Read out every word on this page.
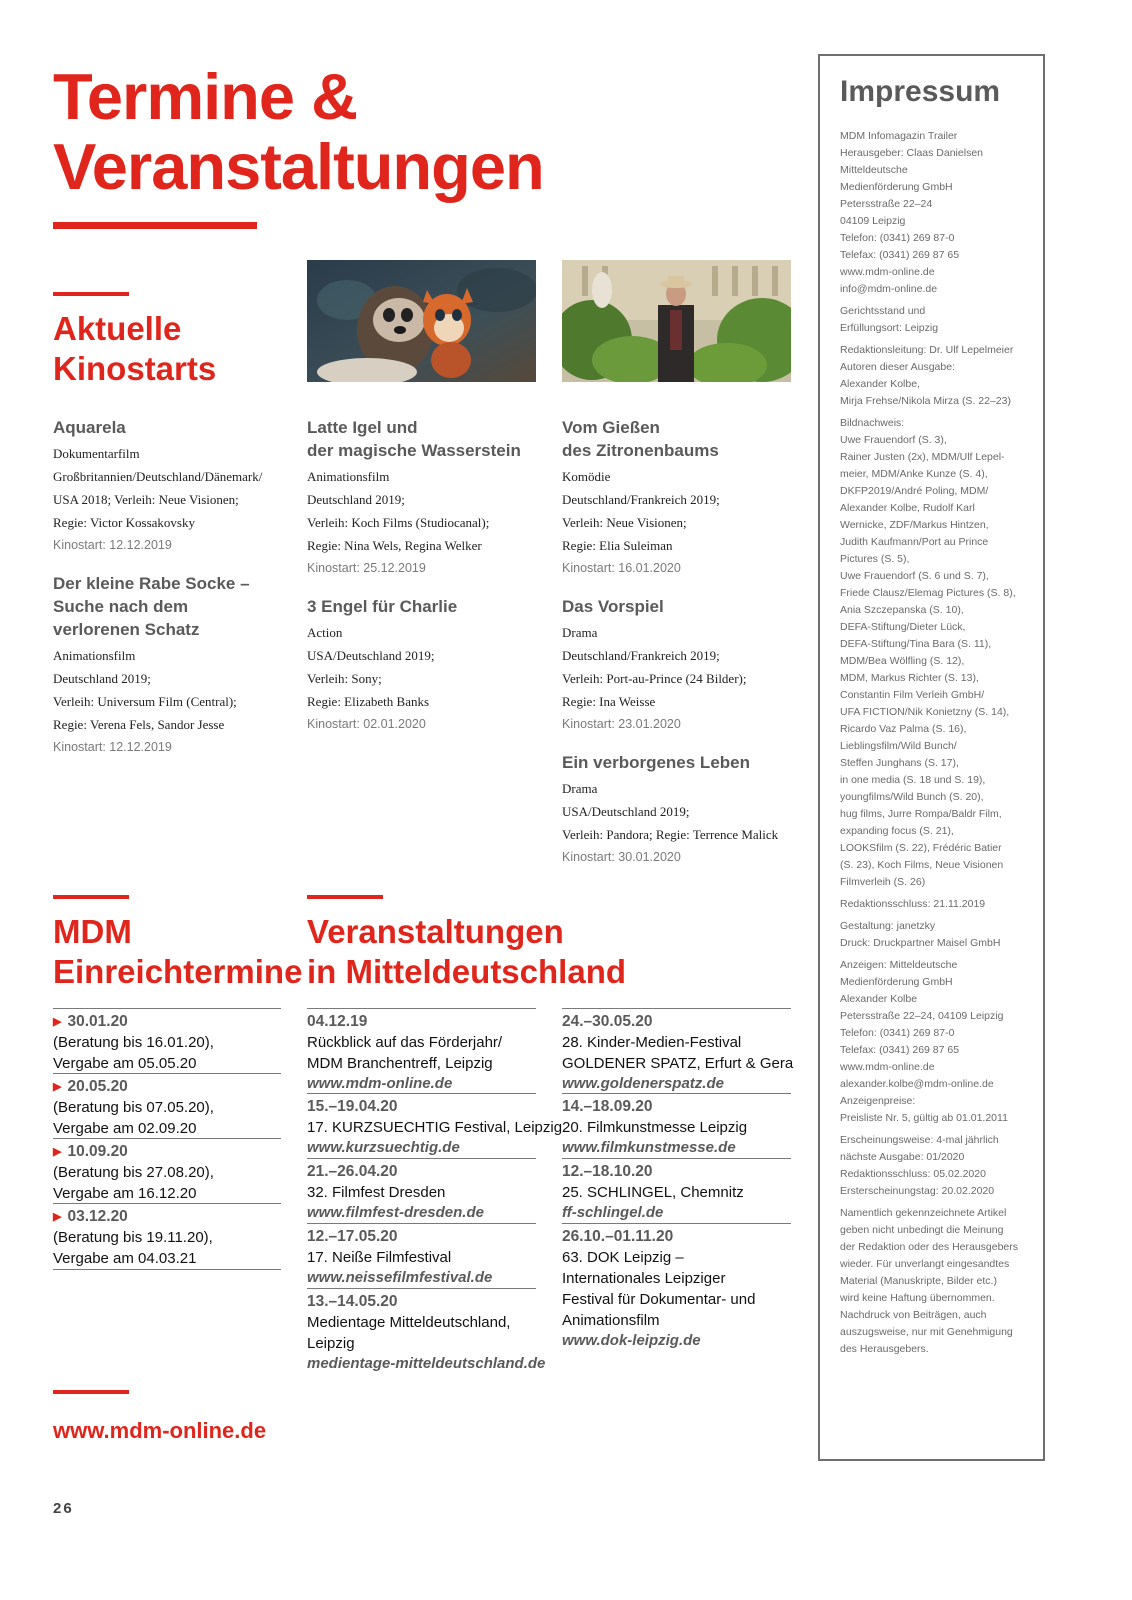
Termine &
Veranstaltungen
Aktuelle
Kinostarts
Aquarela
Dokumentarfilm
Großbritannien/Deutschland/Dänemark/
USA 2018; Verleih: Neue Visionen;
Regie: Victor Kossakovsky
Kinostart: 12.12.2019
Der kleine Rabe Socke –
Suche nach dem
verlorenen Schatz
Animationsfilm
Deutschland 2019;
Verleih: Universum Film (Central);
Regie: Verena Fels, Sandor Jesse
Kinostart: 12.12.2019
Latte Igel und
der magische Wasserstein
Animationsfilm
Deutschland 2019;
Verleih: Koch Films (Studiocanal);
Regie: Nina Wels, Regina Welker
Kinostart: 25.12.2019
3 Engel für Charlie
Action
USA/Deutschland 2019;
Verleih: Sony;
Regie: Elizabeth Banks
Kinostart: 02.01.2020
Vom Gießen
des Zitronenbaums
Komödie
Deutschland/Frankreich 2019;
Verleih: Neue Visionen;
Regie: Elia Suleiman
Kinostart: 16.01.2020
Das Vorspiel
Drama
Deutschland/Frankreich 2019;
Verleih: Port-au-Prince (24 Bilder);
Regie: Ina Weisse
Kinostart: 23.01.2020
Ein verborgenes Leben
Drama
USA/Deutschland 2019;
Verleih: Pandora; Regie: Terrence Malick
Kinostart: 30.01.2020
MDM
Einreichtermine
▶ 30.01.20
(Beratung bis 16.01.20),
Vergabe am 05.05.20
▶ 20.05.20
(Beratung bis 07.05.20),
Vergabe am 02.09.20
▶ 10.09.20
(Beratung bis 27.08.20),
Vergabe am 16.12.20
▶ 03.12.20
(Beratung bis 19.11.20),
Vergabe am 04.03.21
Veranstaltungen
in Mitteldeutschland
04.12.19
Rückblick auf das Förderjahr/
MDM Branchentreff, Leipzig
www.mdm-online.de
15.–19.04.20
17. KURZSUECHTIG Festival, Leipzig
www.kurzsuechtig.de
21.–26.04.20
32. Filmfest Dresden
www.filmfest-dresden.de
12.–17.05.20
17. Neiße Filmfestival
www.neissefilmfestival.de
13.–14.05.20
Medientage Mitteldeutschland,
Leipzig
medientage-mitteldeutschland.de
24.–30.05.20
28. Kinder-Medien-Festival
GOLDENER SPATZ, Erfurt & Gera
www.goldenerspatz.de
14.–18.09.20
20. Filmkunstmesse Leipzig
www.filmkunstmesse.de
12.–18.10.20
25. SCHLINGEL, Chemnitz
ff-schlingel.de
26.10.–01.11.20
63. DOK Leipzig –
Internationales Leipziger
Festival für Dokumentar- und
Animationsfilm
www.dok-leipzig.de
www.mdm-online.de
26
Impressum
MDM Infomagazin Trailer
Herausgeber: Claas Danielsen
Mitteldeutsche
Medienförderung GmbH
Petersstraße 22–24
04109 Leipzig
Telefon: (0341) 269 87-0
Telefax: (0341) 269 87 65
www.mdm-online.de
info@mdm-online.de
Gerichtsstand und
Erfüllungsort: Leipzig
Redaktionsleitung: Dr. Ulf Lepelmeier
Autoren dieser Ausgabe:
Alexander Kolbe,
Mirja Frehse/Nikola Mirza (S. 22–23)
Bildnachweis:
Uwe Frauendorf (S. 3),
Rainer Justen (2x), MDM/Ulf Lepel-
meier, MDM/Anke Kunze (S. 4),
DKFP2019/André Poling, MDM/
Alexander Kolbe, Rudolf Karl
Wernicke, ZDF/Markus Hintzen,
Judith Kaufmann/Port au Prince
Pictures (S. 5),
Uwe Frauendorf (S. 6 und S. 7),
Friede Clausz/Elemag Pictures (S. 8),
Ania Szczepanska (S. 10),
DEFA-Stiftung/Dieter Lück,
DEFA-Stiftung/Tina Bara (S. 11),
MDM/Bea Wölfling (S. 12),
MDM, Markus Richter (S. 13),
Constantin Film Verleih GmbH/
UFA FICTION/Nik Konietzny (S. 14),
Ricardo Vaz Palma (S. 16),
Lieblingsfilm/Wild Bunch/
Steffen Junghans (S. 17),
in one media (S. 18 und S. 19),
youngfilms/Wild Bunch (S. 20),
hug films, Jurre Rompa/Baldr Film,
expanding focus (S. 21),
LOOKSfilm (S. 22), Frédéric Batier
(S. 23), Koch Films, Neue Visionen
Filmverleih (S. 26)
Redaktionsschluss: 21.11.2019
Gestaltung: janetzky
Druck: Druckpartner Maisel GmbH
Anzeigen: Mitteldeutsche
Medienförderung GmbH
Alexander Kolbe
Petersstraße 22–24, 04109 Leipzig
Telefon: (0341) 269 87-0
Telefax: (0341) 269 87 65
www.mdm-online.de
alexander.kolbe@mdm-online.de
Anzeigenpreise:
Preisliste Nr. 5, gültig ab 01.01.2011
Erscheinungsweise: 4-mal jährlich
nächste Ausgabe: 01/2020
Redaktionsschluss: 05.02.2020
Ersterscheinungstag: 20.02.2020
Namentlich gekennzeichnete Artikel
geben nicht unbedingt die Meinung
der Redaktion oder des Herausgebers
wieder. Für unverlangt eingesandtes
Material (Manuskripte, Bilder etc.)
wird keine Haftung übernommen.
Nachdruck von Beiträgen, auch
auszugsweise, nur mit Genehmigung
des Herausgebers.
